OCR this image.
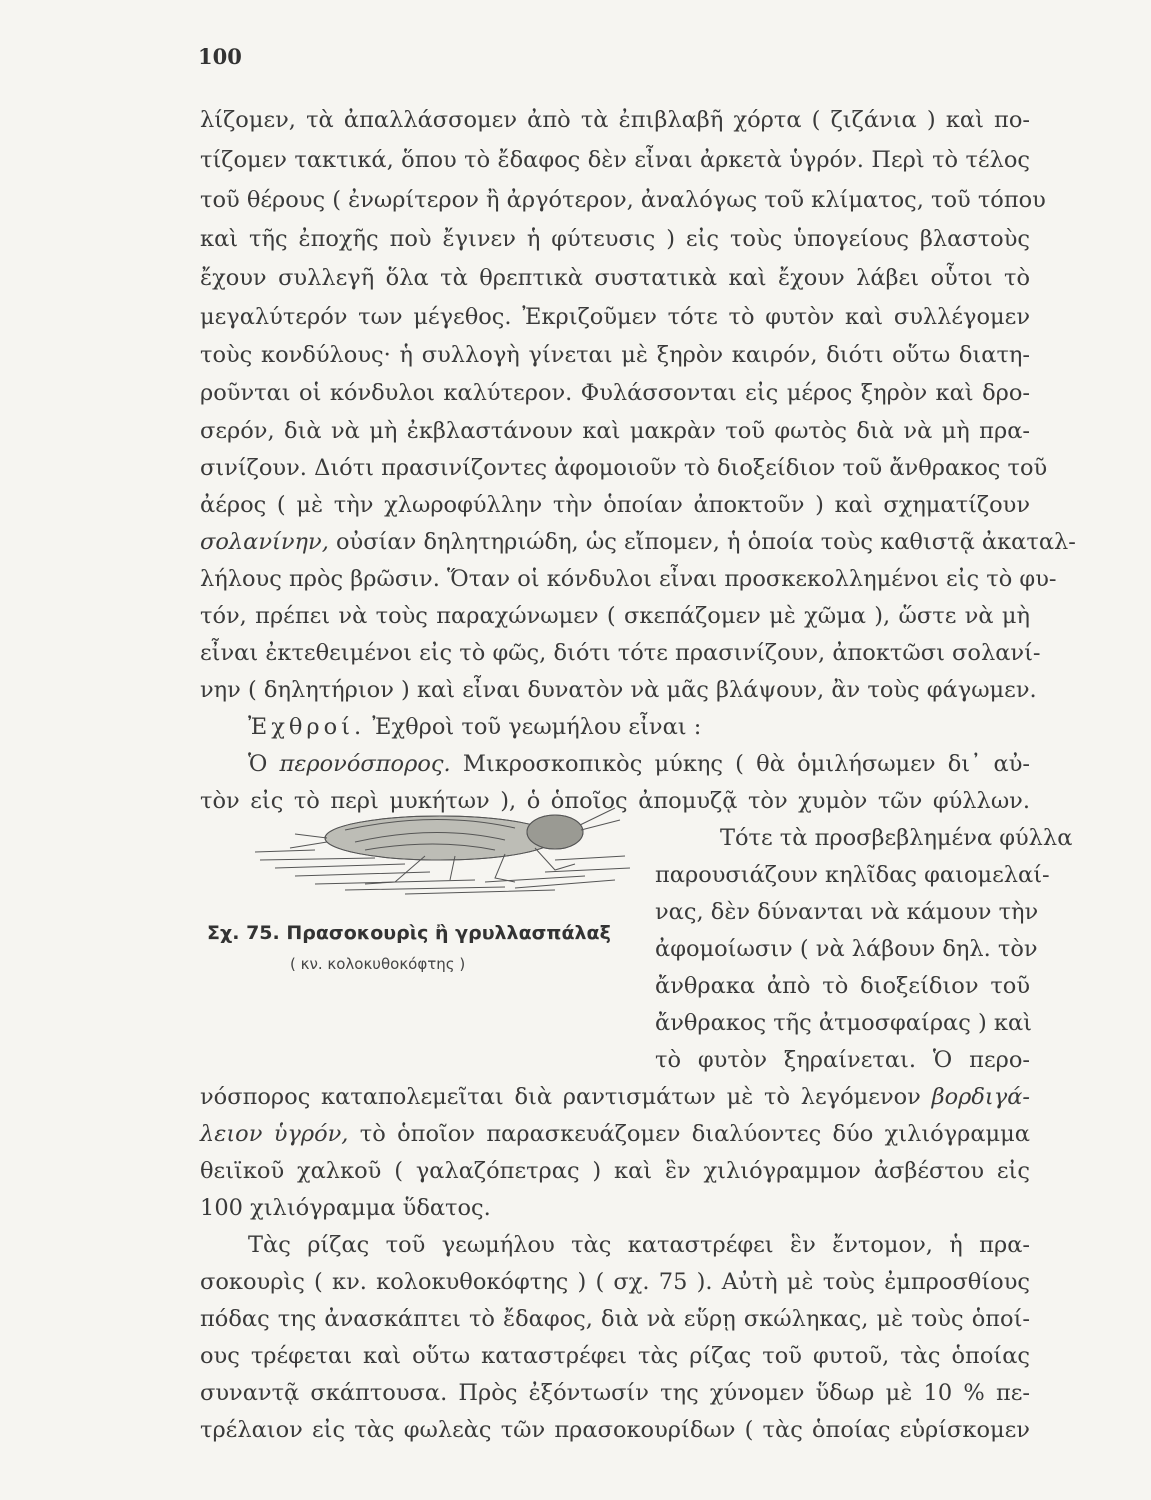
100
λίζομεν, τὰ ἀπαλλάσσομεν ἀπὸ τὰ ἐπιβλαβῆ χόρτα ( ζιζάνια ) καὶ πο-
τίζομεν τακτικά, ὅπου τὸ ἔδαφος δὲν εἶναι ἀρκετὰ ὑγρόν. Περὶ τὸ τέλος
τοῦ θέρους ( ἐνωρίτερον ἢ ἀργότερον, ἀναλόγως τοῦ κλίματος, τοῦ τόπου
καὶ τῆς ἐποχῆς ποὺ ἔγινεν ἡ φύτευσις ) εἰς τοὺς ὑπογείους βλαστοὺς
ἔχουν συλλεγῆ ὅλα τὰ θρεπτικὰ συστατικὰ καὶ ἔχουν λάβει οὗτοι τὸ
μεγαλύτερόν των μέγεθος. Ἐκριζοῦμεν τότε τὸ φυτὸν καὶ συλλέγομεν
τοὺς κονδύλους· ἡ συλλογὴ γίνεται μὲ ξηρὸν καιρόν, διότι οὕτω διατη-
ροῦνται οἱ κόνδυλοι καλύτερον. Φυλάσσονται εἰς μέρος ξηρὸν καὶ δρο-
σερόν, διὰ νὰ μὴ ἐκβλαστάνουν καὶ μακρὰν τοῦ φωτὸς διὰ νὰ μὴ πρα-
σινίζουν. Διότι πρασινίζοντες ἀφομοιοῦν τὸ διοξείδιον τοῦ ἄνθρακος τοῦ
ἀέρος ( μὲ τὴν χλωροφύλλην τὴν ὁποίαν ἀποκτοῦν ) καὶ σχηματίζουν
σολανίνην, οὐσίαν δηλητηριώδη, ὡς εἴπομεν, ἡ ὁποία τοὺς καθιστᾷ ἀκαταλ-
λήλους πρὸς βρῶσιν. Ὅταν οἱ κόνδυλοι εἶναι προσκεκολλημένοι εἰς τὸ φυ-
τόν, πρέπει νὰ τοὺς παραχώνωμεν ( σκεπάζομεν μὲ χῶμα ), ὥστε νὰ μὴ
εἶναι ἐκτεθειμένοι εἰς τὸ φῶς, διότι τότε πρασινίζουν, ἀποκτῶσι σολανί-
νην ( δηλητήριον ) καὶ εἶναι δυνατὸν νὰ μᾶς βλάψουν, ἂν τοὺς φάγωμεν.
Ἐχθροί. Ἐχθροὶ τοῦ γεωμήλου εἶναι :
Ὁ περονόσπορος. Μικροσκοπικὸς μύκης ( θὰ ὁμιλήσωμεν δι᾽ αὐ-
τὸν εἰς τὸ περὶ μυκήτων ), ὁ ὁποῖος ἀπομυζᾷ τὸν χυμὸν τῶν φύλλων.
Τότε τὰ προσβεβλημένα φύλλα
παρουσιάζουν κηλῖδας φαιομελαί-
νας, δὲν δύνανται νὰ κάμουν τὴν
ἀφομοίωσιν ( νὰ λάβουν δηλ. τὸν
ἄνθρακα ἀπὸ τὸ διοξείδιον τοῦ
ἄνθρακος τῆς ἀτμοσφαίρας ) καὶ
τὸ φυτὸν ξηραίνεται. Ὁ περο-
Σχ. 75. Πρασοκουρὶς ἢ γρυλλασπάλαξ
( κν. κολοκυθοκόφτης )
νόσπορος καταπολεμεῖται διὰ ραντισμάτων μὲ τὸ λεγόμενον βορδιγά-
λειον ὑγρόν, τὸ ὁποῖον παρασκευάζομεν διαλύοντες δύο χιλιόγραμμα
θειϊκοῦ χαλκοῦ ( γαλαζόπετρας ) καὶ ἓν χιλιόγραμμον ἀσβέστου εἰς
100 χιλιόγραμμα ὕδατος.
Τὰς ρίζας τοῦ γεωμήλου τὰς καταστρέφει ἓν ἔντομον, ἡ πρα-
σοκουρὶς ( κν. κολοκυθοκόφτης ) ( σχ. 75 ). Αὐτὴ μὲ τοὺς ἐμπροσθίους
πόδας της ἀνασκάπτει τὸ ἔδαφος, διὰ νὰ εὕρῃ σκώληκας, μὲ τοὺς ὁποί-
ους τρέφεται καὶ οὕτω καταστρέφει τὰς ρίζας τοῦ φυτοῦ, τὰς ὁποίας
συναντᾷ σκάπτουσα. Πρὸς ἐξόντωσίν της χύνομεν ὕδωρ μὲ 10 % πε-
τρέλαιον εἰς τὰς φωλεὰς τῶν πρασοκουρίδων ( τὰς ὁποίας εὑρίσκομεν
